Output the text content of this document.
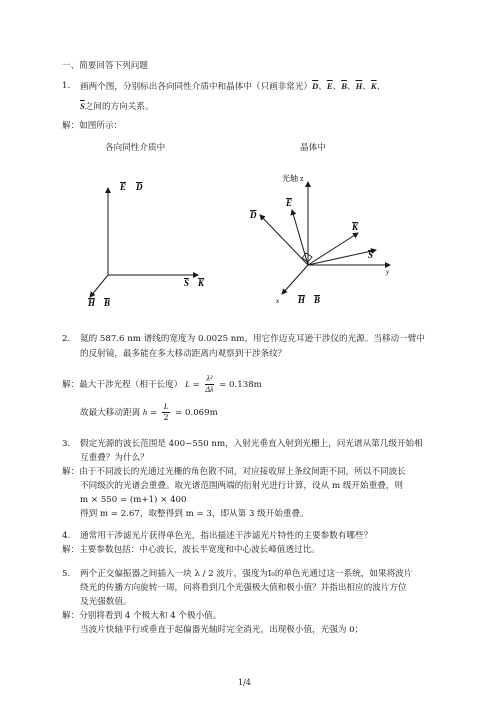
一、简要回答下列问题
1. 画两个图，分别标出各向同性介质中和晶体中（只画非常光）$\overline{D}$、$\overline{E}$、$\overline{B}$、$\overline{H}$、$\overline{K}$、
$\overline{S}$之间的方向关系。
解：如图所示：
各向同性介质中	晶体中
E D
S K
H B
光轴 z
D
E
K
S
y
x H B
2. 氦的 587.6 nm 谱线的宽度为 0.0025 nm，用它作迈克耳逊干涉仪的光源。当移动一臂中
的反射镜，最多能在多大移动距离内观察到干涉条纹？
解：最大干涉光程（相干长度） $L = \frac{\text{λ²}}{\Delta\lambda} = 0.138m$
故最大移动距离 $h = \frac{L}{2} = 0.069m$
3. 假定光源的波长范围是 400~550 nm，入射光垂直入射到光栅上，问光谱从第几级开始相
互重叠？为什么？
解：由于不同波长的光通过光栅的角色散不同，对应接收屏上条纹间距不同，所以不同波长
不同级次的光谱会重叠。取光谱范围两端的衍射光进行计算，设从 m 级开始重叠，则
m × 550 = (m+1) × 400
得到 m = 2.67，取整得到 m = 3，即从第 3 级开始重叠。
4. 通常用干涉滤光片获得单色光，指出描述干涉滤光片特性的主要参数有哪些？
解：主要参数包括：中心波长，波长半宽度和中心波长峰值透过比。
5. 两个正交偏振器之间插入一块 λ / 2 波片，强度为I₀的单色光通过这一系统，如果将波片
绕光的传播方向旋转一周，问将看到几个光强极大值和极小值？并指出相应的波片方位
及光强数值。
解：分别将看到 4 个极大和 4 个极小值。
当波片快轴平行或垂直于起偏器光轴时完全消光，出现极小值，光强为 0；
1/4
